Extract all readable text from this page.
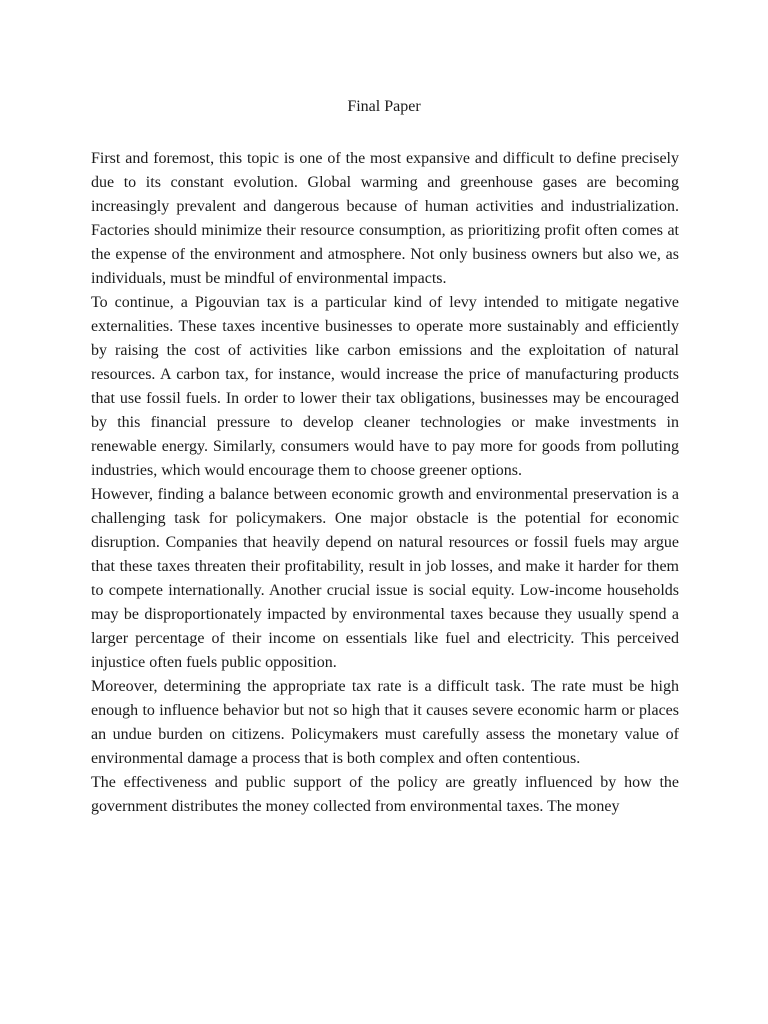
Final Paper

First and foremost, this topic is one of the most expansive and difficult to define precisely due to its constant evolution. Global warming and greenhouse gases are becoming increasingly prevalent and dangerous because of human activities and industrialization. Factories should minimize their resource consumption, as prioritizing profit often comes at the expense of the environment and atmosphere. Not only business owners but also we, as individuals, must be mindful of environmental impacts.

To continue, a Pigouvian tax is a particular kind of levy intended to mitigate negative externalities. These taxes incentive businesses to operate more sustainably and efficiently by raising the cost of activities like carbon emissions and the exploitation of natural resources. A carbon tax, for instance, would increase the price of manufacturing products that use fossil fuels. In order to lower their tax obligations, businesses may be encouraged by this financial pressure to develop cleaner technologies or make investments in renewable energy. Similarly, consumers would have to pay more for goods from polluting industries, which would encourage them to choose greener options.

However, finding a balance between economic growth and environmental preservation is a challenging task for policymakers. One major obstacle is the potential for economic disruption. Companies that heavily depend on natural resources or fossil fuels may argue that these taxes threaten their profitability, result in job losses, and make it harder for them to compete internationally. Another crucial issue is social equity. Low-income households may be disproportionately impacted by environmental taxes because they usually spend a larger percentage of their income on essentials like fuel and electricity. This perceived injustice often fuels public opposition.

Moreover, determining the appropriate tax rate is a difficult task. The rate must be high enough to influence behavior but not so high that it causes severe economic harm or places an undue burden on citizens. Policymakers must carefully assess the monetary value of environmental damage a process that is both complex and often contentious.

The effectiveness and public support of the policy are greatly influenced by how the government distributes the money collected from environmental taxes. The money
